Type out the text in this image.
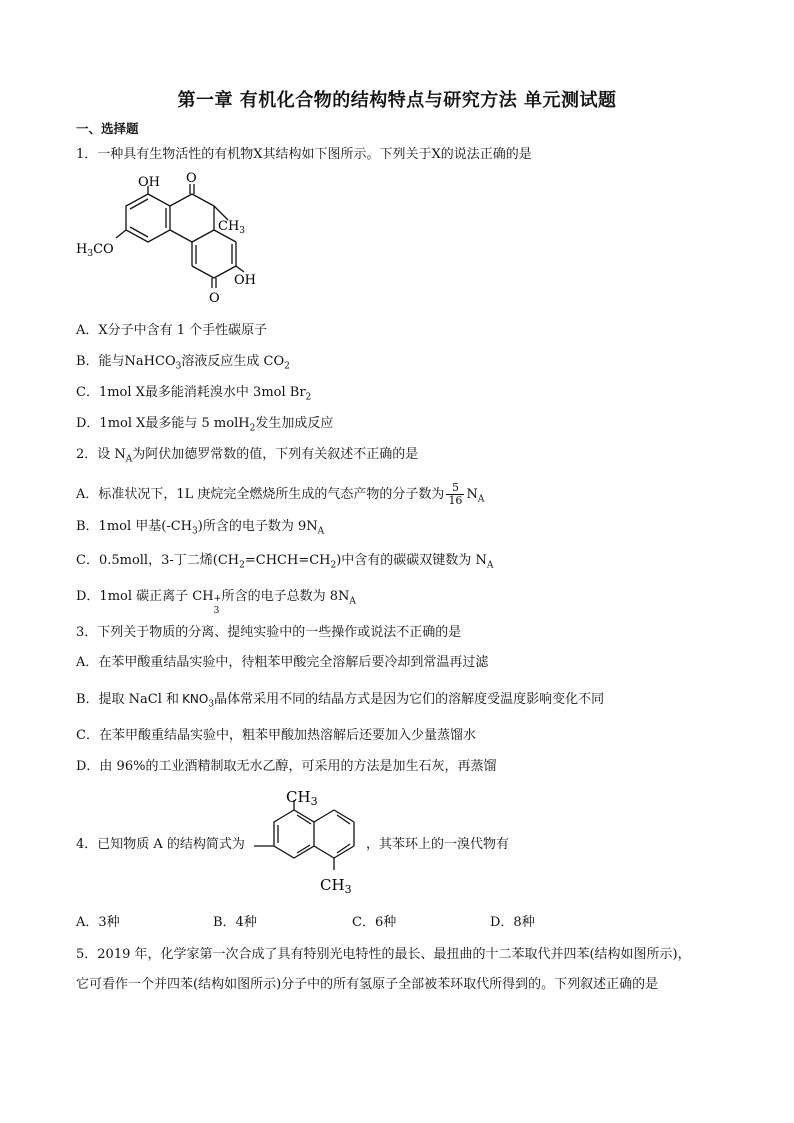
第一章 有机化合物的结构特点与研究方法 单元测试题
一、选择题
1．一种具有生物活性的有机物X其结构如下图所示。下列关于X的说法正确的是
OH O
$CH_3$
$H_3CO$
O
OH
A．X分子中含有 1 个手性碳原子
B．能与NaHCO$_3$溶液反应生成 $CO_2$
C．1mol X最多能消耗溴水中 3mol $Br_2$
D．1mol X最多能与 5 molH$_2$发生加成反应
2．设 $N_A$为阿伏加德罗常数的值，下列有关叙述不正确的是
A．标准状况下，1L 庚烷完全燃烧所生成的气态产物的分子数为 $\frac{5}{16} N_A$
B．1mol 甲基$(-CH_3)$所含的电子数为 $9N_A$
C．0.5moll，3-丁二烯$(CH_2=CHCH=CH_2)$中含有的碳碳双键数为 $N_A$
D．1mol 碳正离子 CH +
3
所含的电子总数为 $8N_A$
3．下列关于物质的分离、提纯实验中的一些操作或说法不正确的是
A．在苯甲酸重结晶实验中，待粗苯甲酸完全溶解后要冷却到常温再过滤
B．提取 NaCl 和 $KNO_3$晶体常采用不同的结晶方式是因为它们的溶解度受温度影响变化不同
C．在苯甲酸重结晶实验中，粗苯甲酸加热溶解后还要加入少量蒸馏水
D．由 96%的工业酒精制取无水乙醇，可采用的方法是加生石灰，再蒸馏
4．已知物质 A 的结构简式为
$CH_3$
$CH_3$
，其苯环上的一溴代物有
A．3种	B．4种	C．6种	D．8种
5．2019 年，化学家第一次合成了具有特别光电特性的最长、最扭曲的十二苯取代并四苯(结构如图所示)，
它可看作一个并四苯(结构如图所示)分子中的所有氢原子全部被苯环取代所得到的。下列叙述正确的是
